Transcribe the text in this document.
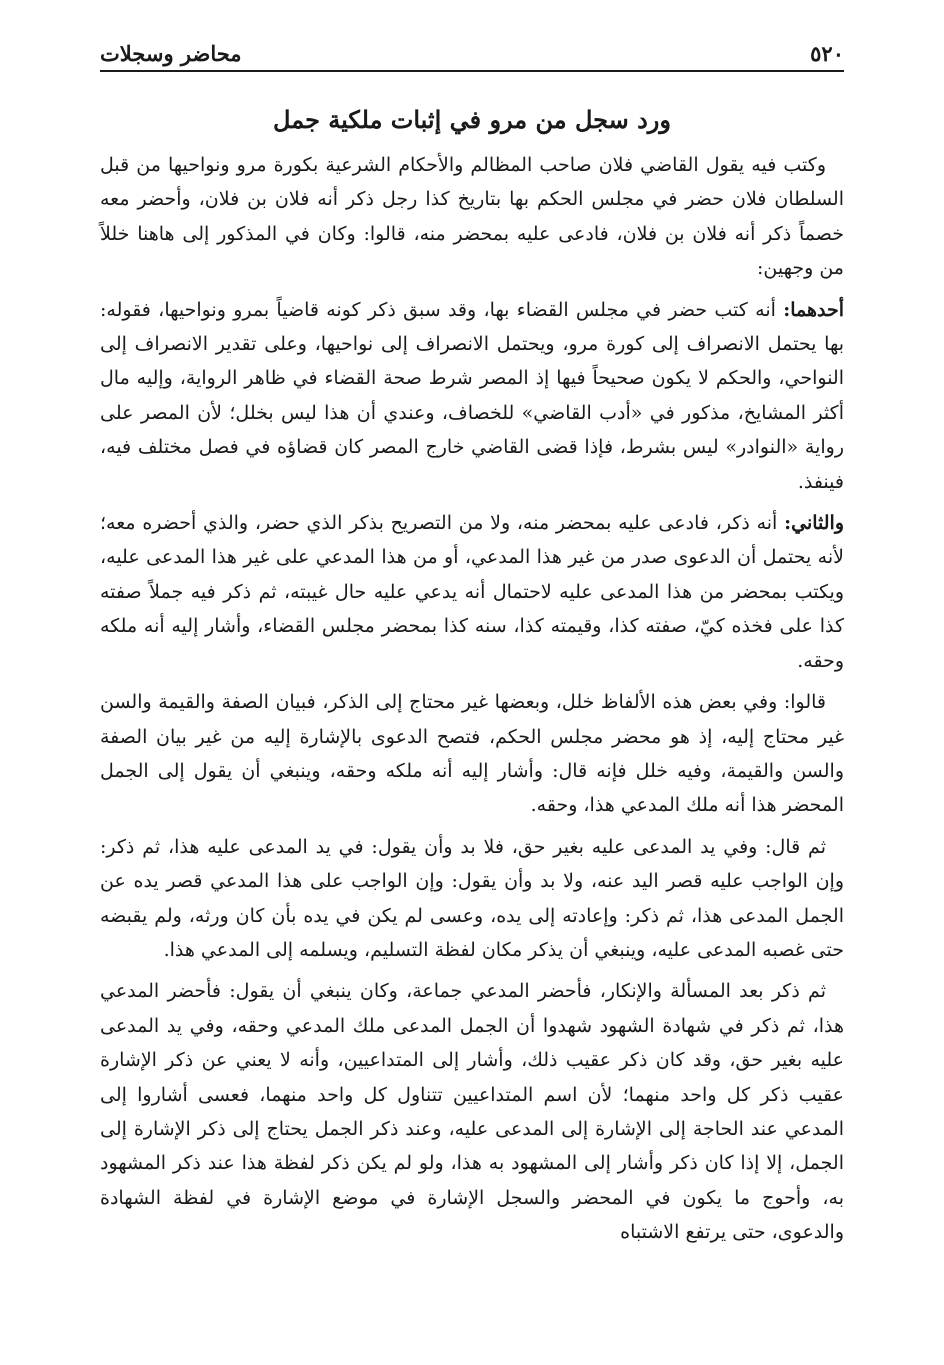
٥٢٠
محاضر وسجلات
ورد سجل من مرو في إثبات ملكية جمل

وكتب فيه يقول القاضي فلان صاحب المظالم والأحكام الشرعية بكورة مرو ونواحيها من قبل السلطان فلان حضر في مجلس الحكم بها بتاريخ كذا رجل ذكر أنه فلان بن فلان، وأحضر معه خصماً ذكر أنه فلان بن فلان، فادعى عليه بمحضر منه، قالوا: وكان في المذكور إلى هاهنا خللاً من وجهين:

أحدهما: أنه كتب حضر في مجلس القضاء بها، وقد سبق ذكر كونه قاضياً بمرو ونواحيها، فقوله: بها يحتمل الانصراف إلى كورة مرو، ويحتمل الانصراف إلى نواحيها، وعلى تقدير الانصراف إلى النواحي، والحكم لا يكون صحيحاً فيها إذ المصر شرط صحة القضاء في ظاهر الرواية، وإليه مال أكثر المشايخ، مذكور في «أدب القاضي» للخصاف، وعندي أن هذا ليس بخلل؛ لأن المصر على رواية «النوادر» ليس بشرط، فإذا قضى القاضي خارج المصر كان قضاؤه في فصل مختلف فيه، فينفذ.

والثاني: أنه ذكر، فادعى عليه بمحضر منه، ولا من التصريح بذكر الذي حضر، والذي أحضره معه؛ لأنه يحتمل أن الدعوى صدر من غير هذا المدعي، أو من هذا المدعي على غير هذا المدعى عليه، ويكتب بمحضر من هذا المدعى عليه لاحتمال أنه يدعي عليه حال غيبته، ثم ذكر فيه جملاً صفته كذا على فخذه كيّ، صفته كذا، وقيمته كذا، سنه كذا بمحضر مجلس القضاء، وأشار إليه أنه ملكه وحقه.

قالوا: وفي بعض هذه الألفاظ خلل، وبعضها غير محتاج إلى الذكر، فبيان الصفة والقيمة والسن غير محتاج إليه، إذ هو محضر مجلس الحكم، فتصح الدعوى بالإشارة إليه من غير بيان الصفة والسن والقيمة، وفيه خلل فإنه قال: وأشار إليه أنه ملكه وحقه، وينبغي أن يقول إلى الجمل المحضر هذا أنه ملك المدعي هذا، وحقه.

ثم قال: وفي يد المدعى عليه بغير حق، فلا بد وأن يقول: في يد المدعى عليه هذا، ثم ذكر: وإن الواجب عليه قصر اليد عنه، ولا بد وأن يقول: وإن الواجب على هذا المدعي قصر يده عن الجمل المدعى هذا، ثم ذكر: وإعادته إلى يده، وعسى لم يكن في يده بأن كان ورثه، ولم يقبضه حتى غصبه المدعى عليه، وينبغي أن يذكر مكان لفظة التسليم، ويسلمه إلى المدعي هذا.

ثم ذكر بعد المسألة والإنكار، فأحضر المدعي جماعة، وكان ينبغي أن يقول: فأحضر المدعي هذا، ثم ذكر في شهادة الشهود شهدوا أن الجمل المدعى ملك المدعي وحقه، وفي يد المدعى عليه بغير حق، وقد كان ذكر عقيب ذلك، وأشار إلى المتداعيين، وأنه لا يعني عن ذكر الإشارة عقيب ذكر كل واحد منهما؛ لأن اسم المتداعيين تتناول كل واحد منهما، فعسى أشاروا إلى المدعي عند الحاجة إلى الإشارة إلى المدعى عليه، وعند ذكر الجمل يحتاج إلى ذكر الإشارة إلى الجمل، إلا إذا كان ذكر وأشار إلى المشهود به هذا، ولو لم يكن ذكر لفظة هذا عند ذكر المشهود به، وأحوج ما يكون في المحضر والسجل الإشارة في موضع الإشارة في لفظة الشهادة والدعوى، حتى يرتفع الاشتباه
